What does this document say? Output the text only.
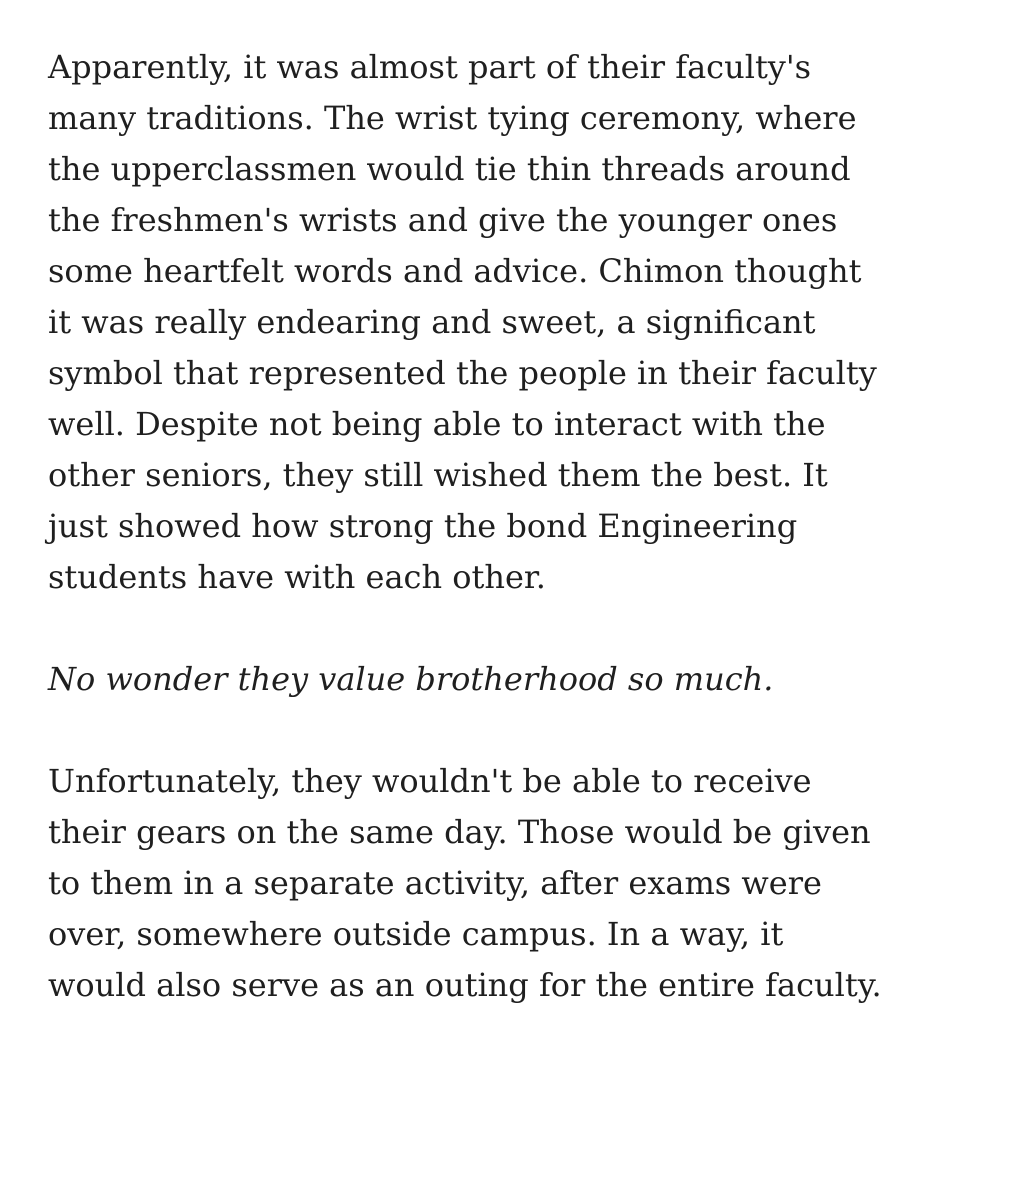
Apparently, it was almost part of their faculty's
many traditions. The wrist tying ceremony, where
the upperclassmen would tie thin threads around
the freshmen's wrists and give the younger ones
some heartfelt words and advice. Chimon thought
it was really endearing and sweet, a significant
symbol that represented the people in their faculty
well. Despite not being able to interact with the
other seniors, they still wished them the best. It
just showed how strong the bond Engineering
students have with each other.

No wonder they value brotherhood so much.

Unfortunately, they wouldn't be able to receive
their gears on the same day. Those would be given
to them in a separate activity, after exams were
over, somewhere outside campus. In a way, it
would also serve as an outing for the entire faculty.
